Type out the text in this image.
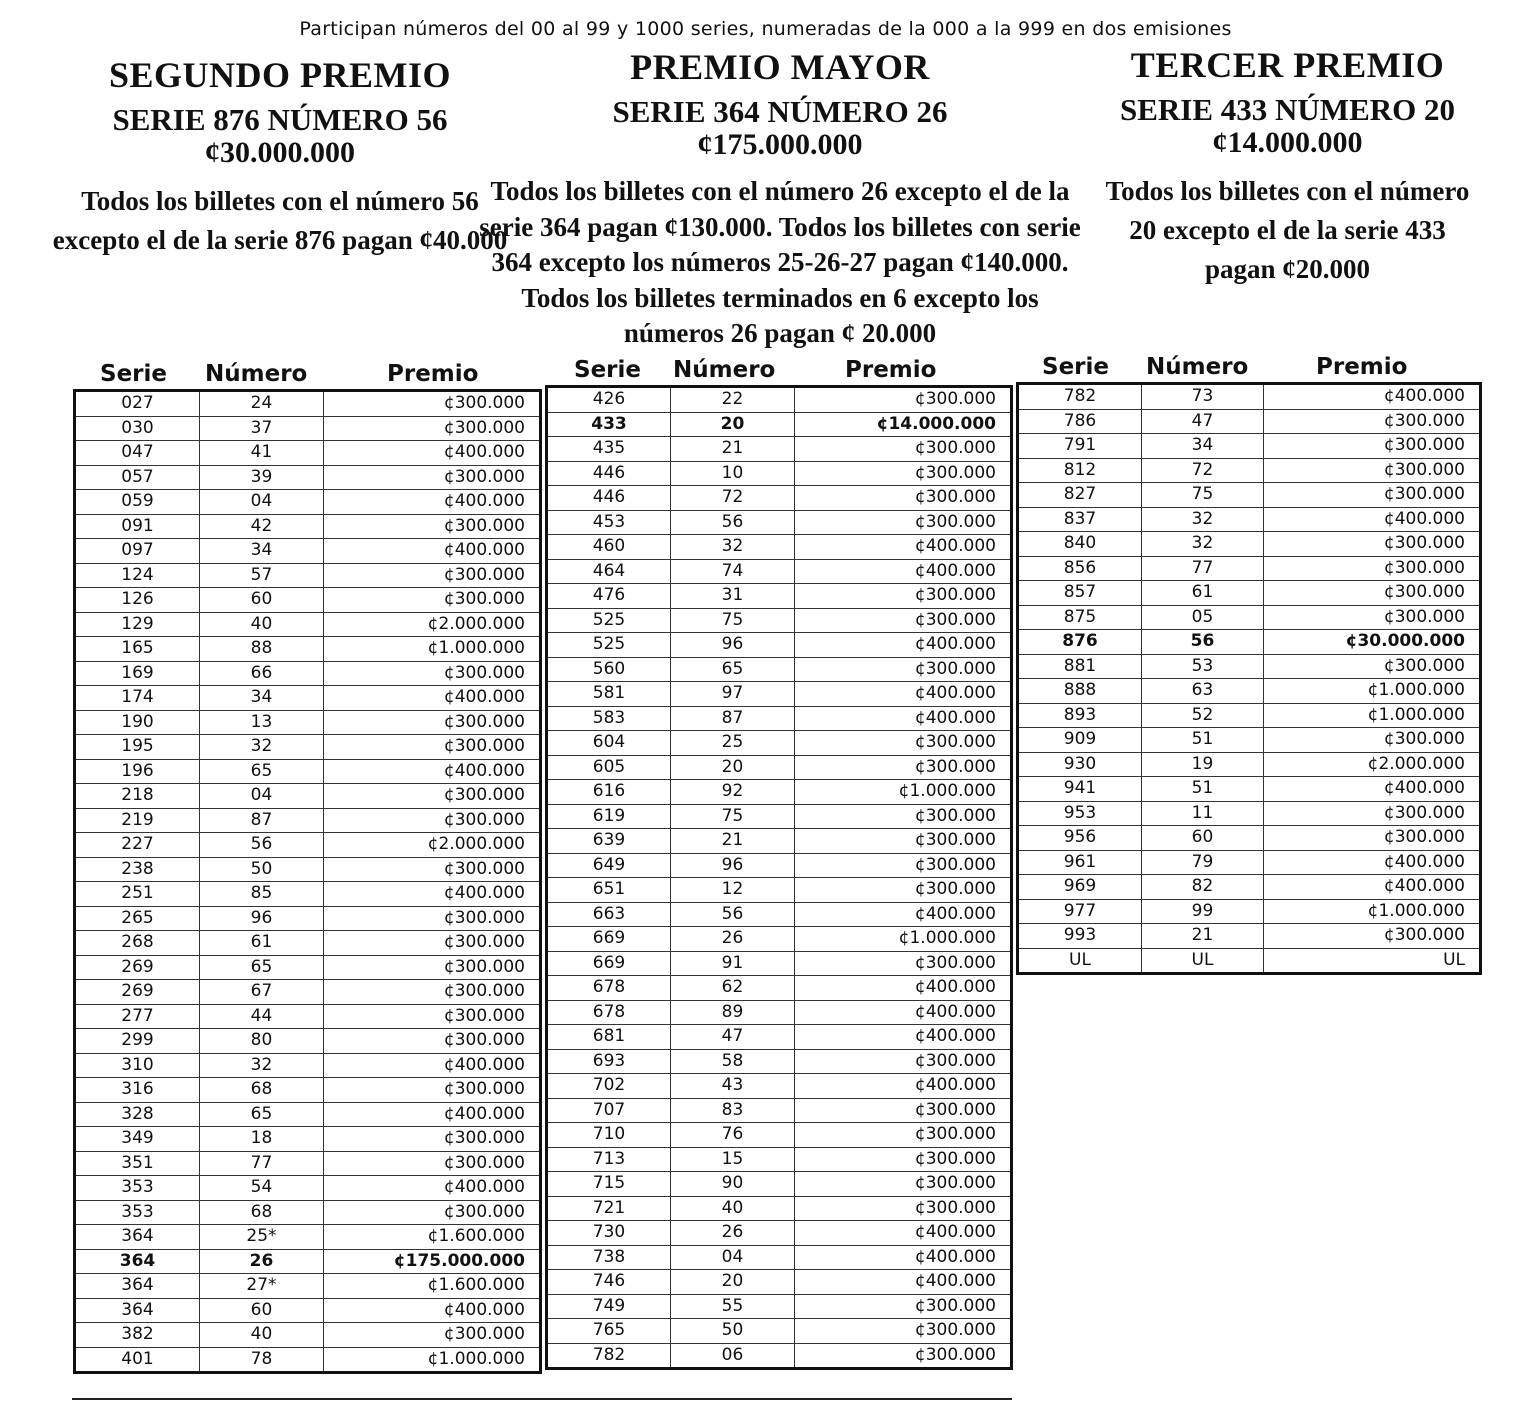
Participan números del 00 al 99 y 1000 series, numeradas de la 000 a la 999 en dos emisiones
SEGUNDO PREMIO
SERIE 876 NÚMERO 56
¢30.000.000
Todos los billetes con el número 56 excepto el de la serie 876 pagan ¢40.000
PREMIO MAYOR
SERIE 364 NÚMERO 26
¢175.000.000
Todos los billetes con el número 26 excepto el de la serie 364 pagan ¢130.000. Todos los billetes con serie 364 excepto los números 25-26-27 pagan ¢140.000. Todos los billetes terminados en 6 excepto los números 26 pagan ¢ 20.000
TERCER PREMIO
SERIE 433 NÚMERO 20
¢14.000.000
Todos los billetes con el número 20 excepto el de la serie 433 pagan ¢20.000
Serie Número	Premio
027	24	¢300.000
030	37	¢300.000
047	41	¢400.000
057	39	¢300.000
059	04	¢400.000
091	42	¢300.000
097	34	¢400.000
124	57	¢300.000
126	60	¢300.000
129	40	¢2.000.000
165	88	¢1.000.000
169	66	¢300.000
174	34	¢400.000
190	13	¢300.000
195	32	¢300.000
196	65	¢400.000
218	04	¢300.000
219	87	¢300.000
227	56	¢2.000.000
238	50	¢300.000
251	85	¢400.000
265	96	¢300.000
268	61	¢300.000
269	65	¢300.000
269	67	¢300.000
277	44	¢300.000
299	80	¢300.000
310	32	¢400.000
316	68	¢300.000
328	65	¢400.000
349	18	¢300.000
351	77	¢300.000
353	54	¢400.000
353	68	¢300.000
364	25*	¢1.600.000
364	26	¢175.000.000
364	27*	¢1.600.000
364	60	¢400.000
382	40	¢300.000
401	78	¢1.000.000
Serie Número	Premio
426	22	¢300.000
433	20	¢14.000.000
435	21	¢300.000
446	10	¢300.000
446	72	¢300.000
453	56	¢300.000
460	32	¢400.000
464	74	¢400.000
476	31	¢300.000
525	75	¢300.000
525	96	¢400.000
560	65	¢300.000
581	97	¢400.000
583	87	¢400.000
604	25	¢300.000
605	20	¢300.000
616	92	¢1.000.000
619	75	¢300.000
639	21	¢300.000
649	96	¢300.000
651	12	¢300.000
663	56	¢400.000
669	26	¢1.000.000
669	91	¢300.000
678	62	¢400.000
678	89	¢400.000
681	47	¢400.000
693	58	¢300.000
702	43	¢400.000
707	83	¢300.000
710	76	¢300.000
713	15	¢300.000
715	90	¢300.000
721	40	¢300.000
730	26	¢400.000
738	04	¢400.000
746	20	¢400.000
749	55	¢300.000
765	50	¢300.000
782	06	¢300.000
Serie Número	Premio
782	73	¢400.000
786	47	¢300.000
791	34	¢300.000
812	72	¢300.000
827	75	¢300.000
837	32	¢400.000
840	32	¢300.000
856	77	¢300.000
857	61	¢300.000
875	05	¢300.000
876	56	¢30.000.000
881	53	¢300.000
888	63	¢1.000.000
893	52	¢1.000.000
909	51	¢300.000
930	19	¢2.000.000
941	51	¢400.000
953	11	¢300.000
956	60	¢300.000
961	79	¢400.000
969	82	¢400.000
977	99	¢1.000.000
993	21	¢300.000
UL	UL	UL
